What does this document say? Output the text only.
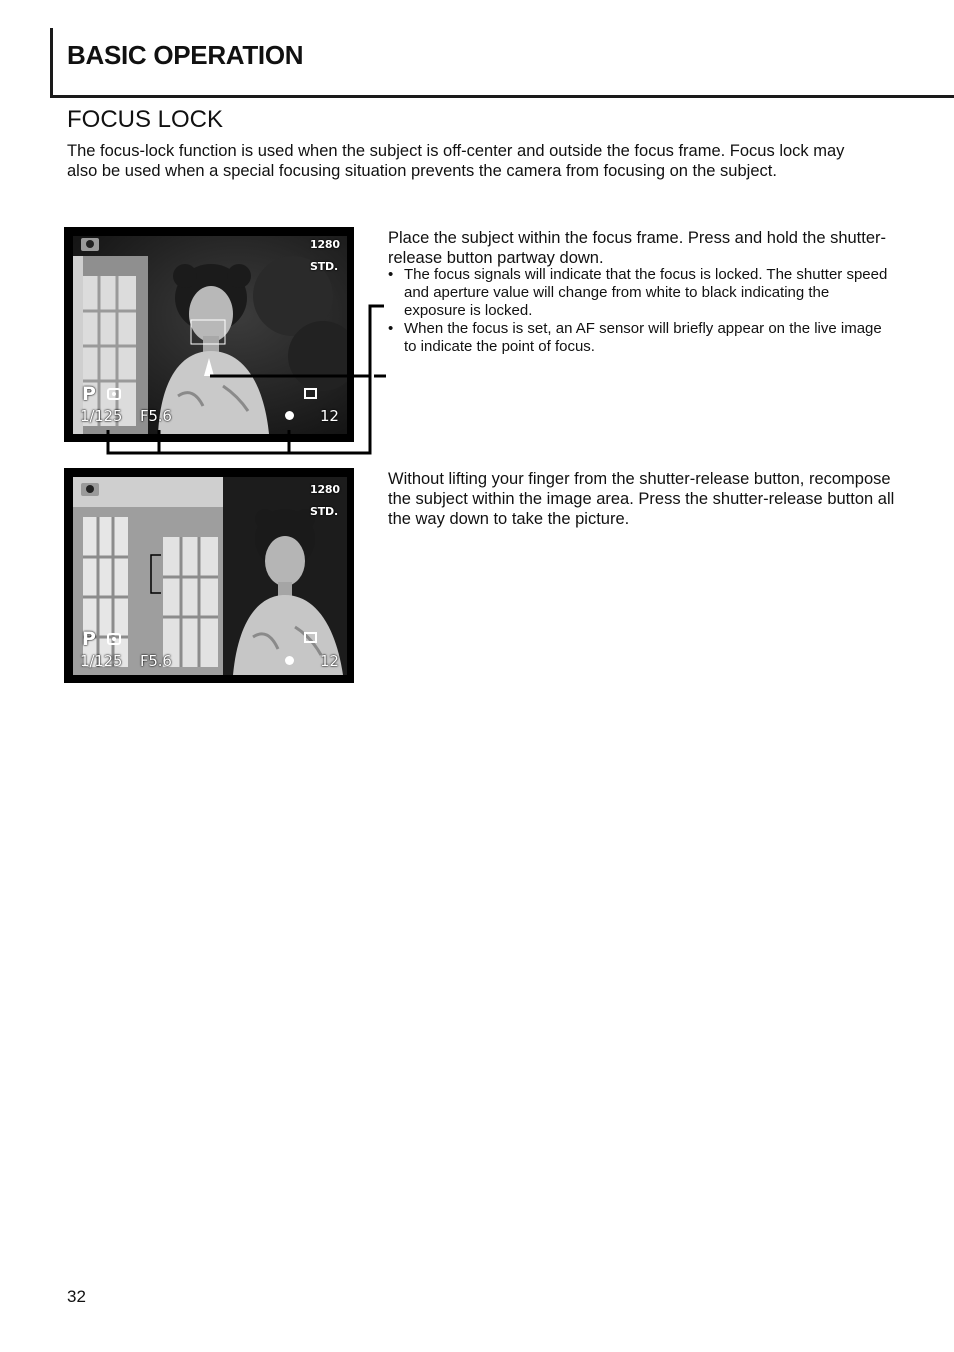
BASIC OPERATION
FOCUS LOCK

The focus-lock function is used when the subject is off-center and outside the focus frame. Focus lock may also be used when a special focusing situation prevents the camera from focusing on the subject.

1280
STD.
P
1/125 F5.6	12

Place the subject within the focus frame. Press and hold the shutter-release button partway down.

• The focus signals will indicate that the focus is locked. The shutter speed and aperture value will change from white to black indicating the exposure is locked.
• When the focus is set, an AF sensor will briefly appear on the live image to indicate the point of focus.
1280
STD.
P
1/125 F5.6	12

Without lifting your finger from the shutter-release button, recompose the subject within the image area. Press the shutter-release button all the way down to take the picture.

32
